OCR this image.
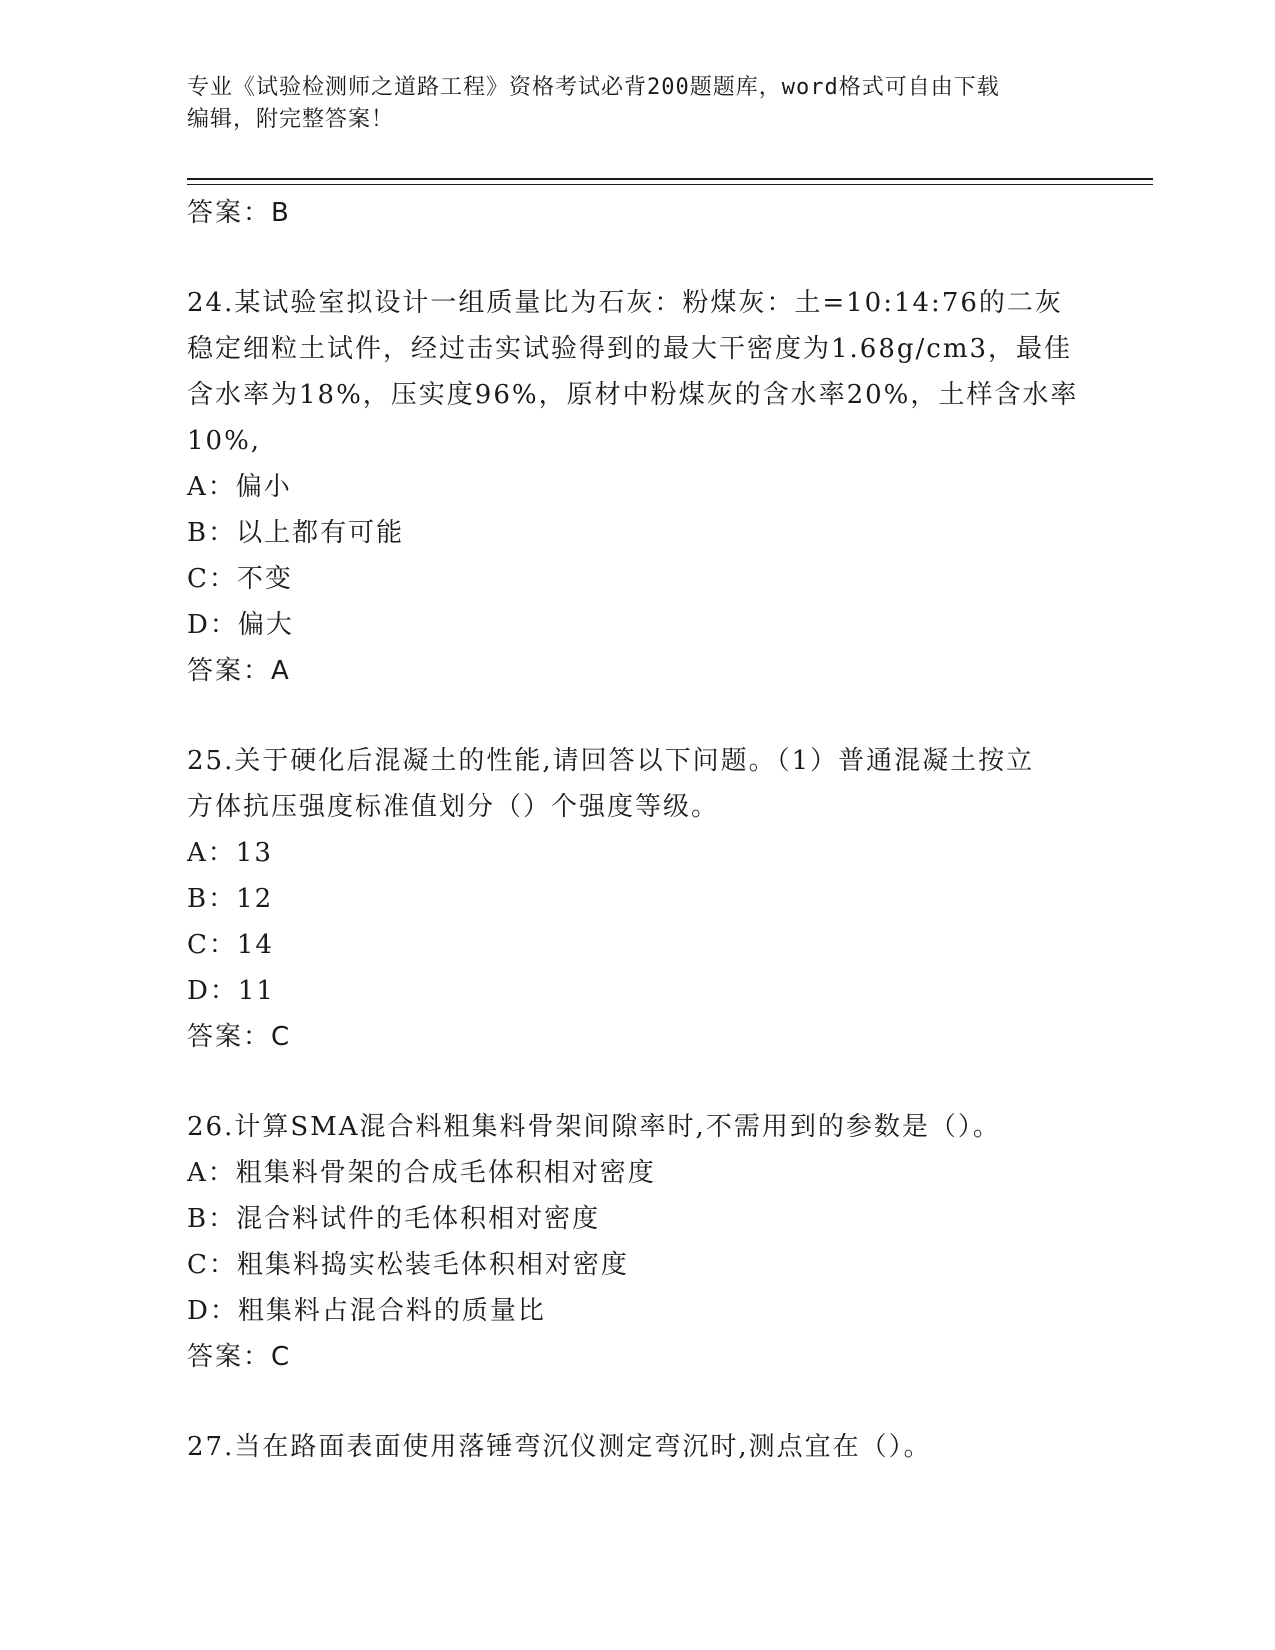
专业《试验检测师之道路工程》资格考试必背200题题库，word格式可自由下载
编辑，附完整答案！
答案：B
24.某试验室拟设计一组质量比为石灰：粉煤灰：土=10:14:76的二灰
稳定细粒土试件，经过击实试验得到的最大干密度为1.68g/cm3，最佳
含水率为18%，压实度96%，原材中粉煤灰的含水率20%，土样含水率
10%,
A：偏小
B：以上都有可能
C：不变
D：偏大
答案：A
25.关于硬化后混凝土的性能,请回答以下问题。（1）普通混凝土按立
方体抗压强度标准值划分（）个强度等级。
A：13
B：12
C：14
D：11
答案：C
26.计算SMA混合料粗集料骨架间隙率时,不需用到的参数是（）。
A：粗集料骨架的合成毛体积相对密度
B：混合料试件的毛体积相对密度
C：粗集料捣实松装毛体积相对密度
D：粗集料占混合料的质量比
答案：C
27.当在路面表面使用落锤弯沉仪测定弯沉时,测点宜在（）。
